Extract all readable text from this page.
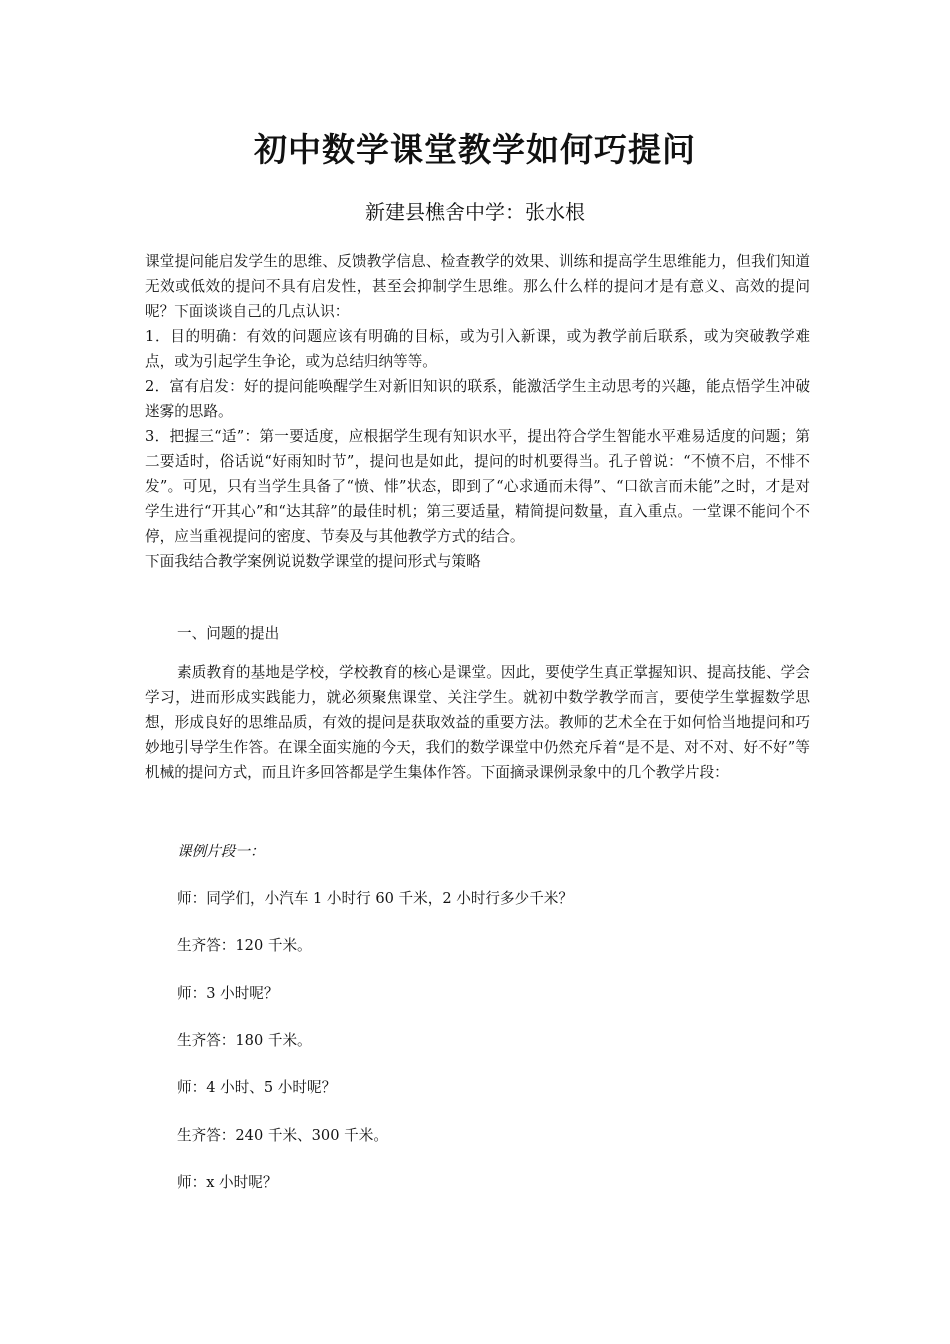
初中数学课堂教学如何巧提问
新建县樵舍中学：张水根

课堂提问能启发学生的思维、反馈教学信息、检查教学的效果、训练和提高学生思维能力，但我们知道无效或低效的提问不具有启发性，甚至会抑制学生思维。那么什么样的提问才是有意义、高效的提问呢？下面谈谈自己的几点认识：

1．目的明确：有效的问题应该有明确的目标，或为引入新课，或为教学前后联系，或为突破教学难点，或为引起学生争论，或为总结归纳等等。

2．富有启发：好的提问能唤醒学生对新旧知识的联系，能激活学生主动思考的兴趣，能点悟学生冲破迷雾的思路。

3．把握三“适”：第一要适度，应根据学生现有知识水平，提出符合学生智能水平难易适度的问题；第二要适时，俗话说“好雨知时节”，提问也是如此，提问的时机要得当。孔子曾说：“不愤不启，不悱不发”。可见，只有当学生具备了“愤、悱”状态，即到了“心求通而未得”、“口欲言而未能”之时，才是对学生进行“开其心”和“达其辞”的最佳时机；第三要适量，精简提问数量，直入重点。一堂课不能问个不停，应当重视提问的密度、节奏及与其他教学方式的结合。

下面我结合教学案例说说数学课堂的提问形式与策略

一、问题的提出

素质教育的基地是学校，学校教育的核心是课堂。因此，要使学生真正掌握知识、提高技能、学会学习，进而形成实践能力，就必须聚焦课堂、关注学生。就初中数学教学而言，要使学生掌握数学思想，形成良好的思维品质，有效的提问是获取效益的重要方法。教师的艺术全在于如何恰当地提问和巧妙地引导学生作答。在课全面实施的今天，我们的数学课堂中仍然充斥着“是不是、对不对、好不好”等机械的提问方式，而且许多回答都是学生集体作答。下面摘录课例录象中的几个教学片段：

课例片段一：
师：同学们，小汽车 1 小时行 60 千米，2 小时行多少千米？
生齐答：120 千米。
师：3 小时呢？
生齐答：180 千米。
师：4 小时、5 小时呢？
生齐答：240 千米、300 千米。
师：x 小时呢？
